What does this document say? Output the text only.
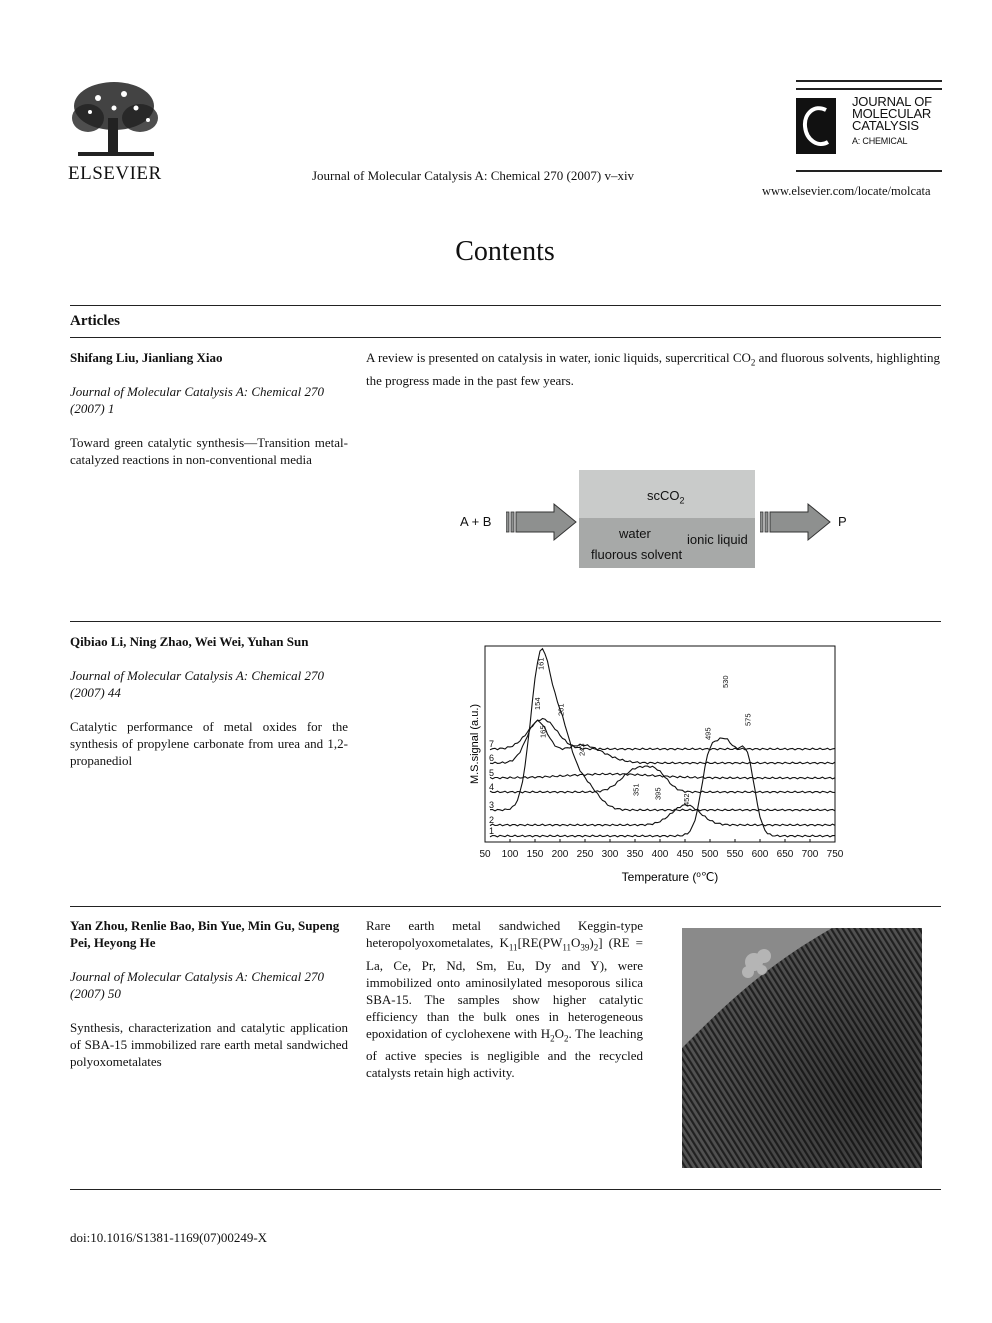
ELSEVIER	Journal of Molecular Catalysis A: Chemical 270 (2007) v–xiv
JOURNAL OF
MOLECULAR
CATALYSIS
A: CHEMICAL
www.elsevier.com/locate/molcata
Contents
Articles
Shifang Liu, Jianliang Xiao
Journal of Molecular Catalysis A: Chemical 270 (2007) 1
Toward green catalytic synthesis—Transition metal-catalyzed reactions in non-conventional media
A review is presented on catalysis in water, ionic liquids, supercritical $CO_2$ and fluorous solvents, highlighting the progress made in the past few years.
A + B
scCO$_2$
water
fluorous solvent
ionic liquid
P
Qibiao Li, Ning Zhao, Wei Wei, Yuhan Sun
Journal of Molecular Catalysis A: Chemical 270 (2007) 44
Catalytic performance of metal oxides for the synthesis of propylene carbonate from urea and 1,2-propanediol
1
2
3
4
5
6
7
161
154 201
165
243
351 395	452
495
530
575
50 100 150 200 250 300 350 400 450 500 550 600 650 700 750
Temperature ($^o$℃)
M.S.signal (a.u.)
Yan Zhou, Renlie Bao, Bin Yue, Min Gu, Supeng Pei, Heyong He
Journal of Molecular Catalysis A: Chemical 270 (2007) 50
Synthesis, characterization and catalytic application of SBA-15 immobilized rare earth metal sandwiched polyoxometalates
Rare earth metal sandwiched Keggin-type heteropolyoxometalates, $K_{11}[RE(PW_{11}O_{39})_2] (RE = La$, Ce, Pr, Nd, Sm, Eu, Dy and Y), were immobilized onto aminosilylated mesoporous silica SBA-15. The samples show higher catalytic efficiency than the bulk ones in heterogeneous epoxidation of cyclohexene with $H_2O_2$. The leaching of active species is negligible and the recycled catalysts retain high activity.
doi:10.1016/S1381-1169(07)00249-X
